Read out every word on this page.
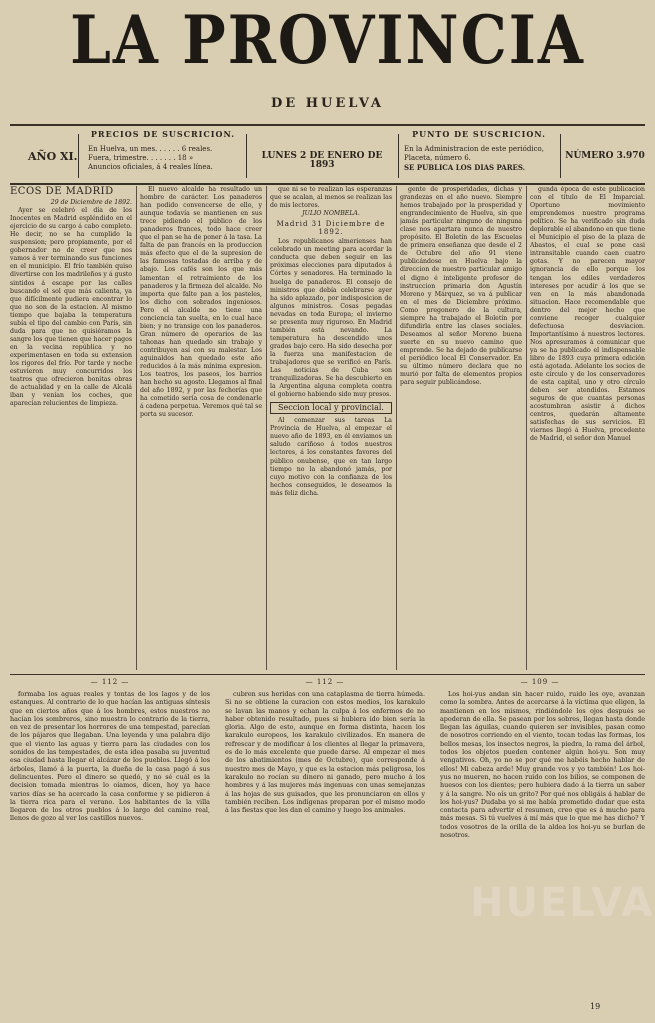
LA PROVINCIA
DE HUELVA
AÑO XI.
PRECIOS DE SUSCRICION.
En Huelva, un mes. . . . . . 6 reales.
Fuera, trimestre. . . . . . . 18 »
Anuncios oficiales, á 4 reales línea.
LUNES 2 DE ENERO DE 1893
PUNTO DE SUSCRICION.
En la Administracion de este periódico,
Placeta, número 6.
SE PUBLICA LOS DIAS PARES.
NÚMERO 3.970
ECOS DE MADRID
29 de Diciembre de 1892.

Ayer se celebró el día de los Inocentes en Madrid espléndido en el ejercicio de su cargo á cabo completo. He decir, no se ha cumplido la suspension; pero propiamente, por el gobernador no de creer que nos vamos á ver terminando sus funciones en el municipio. El frío también quiso divertirse con los madrileños y á gusto sintidos á escape por las calles buscando el sol que más calienta, ya que difícilmente pudiera encontrar lo que no son de la estacion. Al mismo tiempo que bajaba la temperatura subía el tipo del cambio con París, sin duda para que no quisiéramos la sangre los que tienen que hacer pagos en la vecina república y no experimentasen en toda su extension los rigores del frío. Por tarde y noche estuvieron muy concurridos los teatros que ofrecieron bonitas obras de actualidad y en la calle de Alcalá iban y venían los coches, que aparecían relucientes de limpieza.

El nuevo alcalde ha resultado un hombre de carácter. Los panaderos han podido convencerse de ello, y aunque todavía se mantienen en sus trece pidiendo el público de los panaderos frances, todo hace creer que el pan se ha de poner á la tasa. La falta de pan francés en la produccion más efecto que el de la supresion de las famosas tostadas de arriba y de abajo. Los cafés son los que más lamentan el retraimiento de los panaderos y la firmeza del alcalde. No importa que falte pan a los pasteles, los dicho con sobrados ingeniosos. Pero el alcalde no tiene una conciencia tan suelta, en lo cual hace bien; y no transige con los panaderos. Gran número de operarios de las tahonas han quedado sin trabajo y contribuyen así con su malestar. Los aguinaldos han quedado este año reducidos á la más mínima expresion. Los teatros, los paseos, los barrios han hecho su agosto. Llegamos al final del año 1892, y por las fechorías que ha cometido sería cosa de condenarle á cadena perpetua. Veremos qué tal se porta su sucesor.

que ni se te realizan las esperanzas que se acalan, al menos se realizan las de mis lectores.

JULIO NOMBELA.
Madrid 31 Diciembre de 1892.

Los republicanos almerienses han celebrado un meeting para acordar la conducta que deben seguir en las próximas elecciones para diputados á Córtes y senadores. Ha terminado la huelga de panaderos. El consejo de ministros que debía celebrarse ayer ha sido aplazado, por indisposicion de algunos ministros. Cosas pegadas nevadas en toda Europa; el invierno se presenta muy riguroso. En Madrid también está nevando. La temperatura ha descendido unos grados bajo cero. Ha sido desecha por la fuerza una manifestacion de trabajadores que se verificó en París. Las noticias de Cuba son tranquilizadoras. Se ha descubierto en la Argentina alguna completa contra el gobierno habiendo sido muy presos.

Seccion local y provincial.

Al comenzar sus tareas La Provincia de Huelva, al empezar el nuevo año de 1893, en él enviamos un saludo cariñoso á todos nuestros lectores, á los constantes favores del público onubense, que en tan largo tiempo no la abandonó jamás, por cuyo motivo con la confianza de los hechos conseguidos, le deseamos la más feliz dicha.

gente de prosperidades, dichas y grandezas en el año nuevo. Siempre hemos trabajado por la prosperidad y engrandecimiento de Huelva, sin que jamás particular ninguno de ninguna clase nos apartara nunca de nuestro propósito. El Boletín de las Escuelas de primera enseñanza que desde el 2 de Octubre del año 91 viene publicándose en Huelva bajo la direccion de nuestro particular amigo el digno é inteligente profesor de instruccion primaria don Agustín Moreno y Márquez, se va á publicar en el mes de Diciembre próximo. Como pregonero de la cultura, siempre ha trabajado el Boletín por difundirla entre las clases sociales. Deseamos al señor Moreno buena suerte en su nuevo camino que emprende. Se ha dejado de publicarse el periódico local El Conservador. En su último número declara que no murió por falta de elementos propios para seguir publicándose.

gunda época de este publicacion con el título de El Imparcial. Oportuno movimiento emprendemos nuestro programa político. Se ha verificado sin duda deplorable el abandono en que tiene el Municipio el piso de la plaza de Abastos, el cual se pone casi intransitable cuando caen cuatro gotas. Y no parecen mayor ignorancia de ello porque los tengan los ediles verdaderos intereses por acudir á los que se ven en la más abandonada situacion. Hace recomendable que dentro del mejor hecho que conviene recoger cualquier defectuosa desviacion. Importantísimo á nuestros lectores. Nos apresuramos á comunicar que ya se ha publicado el indispensable libro de 1893 cuya primera edición está agotada. Adelante los socios de este círculo y de los conservadores de esta capital, uno y otro círculo deben ser atendidos. Estamos seguros de que cuantas personas acostumbran asistir á dichos centros, quedarán altamente satisfechas de sus servicios. El viernes llegó á Huelva, procedente de Madrid, el señor don Manuel

— 112 —

formaba los aguas reales y tontas de los lagos y de los estanques. Al contrario de lo que hacían las antiguas síntesis que en ciertos años que á los hombres, estos nuestros no hacían los sombreros, sino muestra lo contrario de la tierra, en vez de presentar los horrores de una tempestad, parecían de los pájaros que llegaban. Una leyenda y una palabra dijo que el viento las aguas y tierra para las ciudades con los sonidos de las tempestades, de esta idea pasaba su juventud esa ciudad hasta llegar el alcázar de los pueblos. Llegó á los árboles, llamó á la puerta, la dueña de la casa pagó á sus delincuentes. Pero el dinero se quedó, y no sé cuál es la decision tomada mientras lo oíamos, dicen, hoy ya hace varios días se ha acercado la casa conforme y se pidieron á la tierra rica para el verano. Los habitantes de la villa llegaron de los otros pueblos á lo largo del camino real, llenos de gozo al ver los castillos nuevos.

— 112 —

cubren sus heridas con una cataplasma de tierra húmeda. Si no se obtiene la curacion con estos medios, los karakulo se lavan las manos y echan la culpa á los enfermos de no haber obtenido resultado, pues si hubiera ido bien sería la gloria. Algo de esto, aunque en forma distinta, hacen los karakulo europeos, los karakulo civilizados. En manera de refrescar y de modificar á los clientes al llegar la primavera, es de lo más excelente que puede darse. Al empezar el mes de los abatimientos (mes de Octubre), que corresponde á nuestro mes de Mayo, y que es la estacion más peligrosa, los karakulo no rocían su dinero ni ganado, pero mucho á los hombres y á las mujeres más ingenuas con unas semejanzas á las hojas de sus guisados, que les pronunciaron en ellos y también reciben. Los indígenas preparan por el mismo modo á las fiestas que les dan el camino y luego los animales.

— 109 —

Los hoi-yus andan sin hacer ruido, ruido les oye, avanzan como la sombra. Antes de acercarse á la víctima que eligen, la mantienen en los mismos, rindiéndole los ojos después se apoderan de ella. Se pasean por los sobres, llegan hasta donde llegan las águilas, cuando quieren ser invisibles, pasan como de nosotros corriendo en el viento, tocan todas las formas, los bellos mesas, los insectos negros, la piedra, la rama del árbol, todos los objetos pueden contener algún hoi-yu. Son muy vengativos. Oh, yo no se por qué me habéis hecho hablar de ellos! Mi cabeza arde! Muy grande vos y yo también! Los hoi-yus no mueren, no hacen ruido con los bilios, se componen de huesos con los dientes; pero hubiera dado á la tierra un saber y á la sangre. No oís un grito? Por qué nos obligáis á hablar de los hoi-yus? Dudaba yo si me había prometido dudar que esta contacta para advertir el resumen, creo que es á mucho para más mesas. Si tú vuelves á mí más que lo que me has dicho? Y todos vosotros de la orilla de la aldea los hoi-yu se burlan de nosotros.

HUELVA
19
